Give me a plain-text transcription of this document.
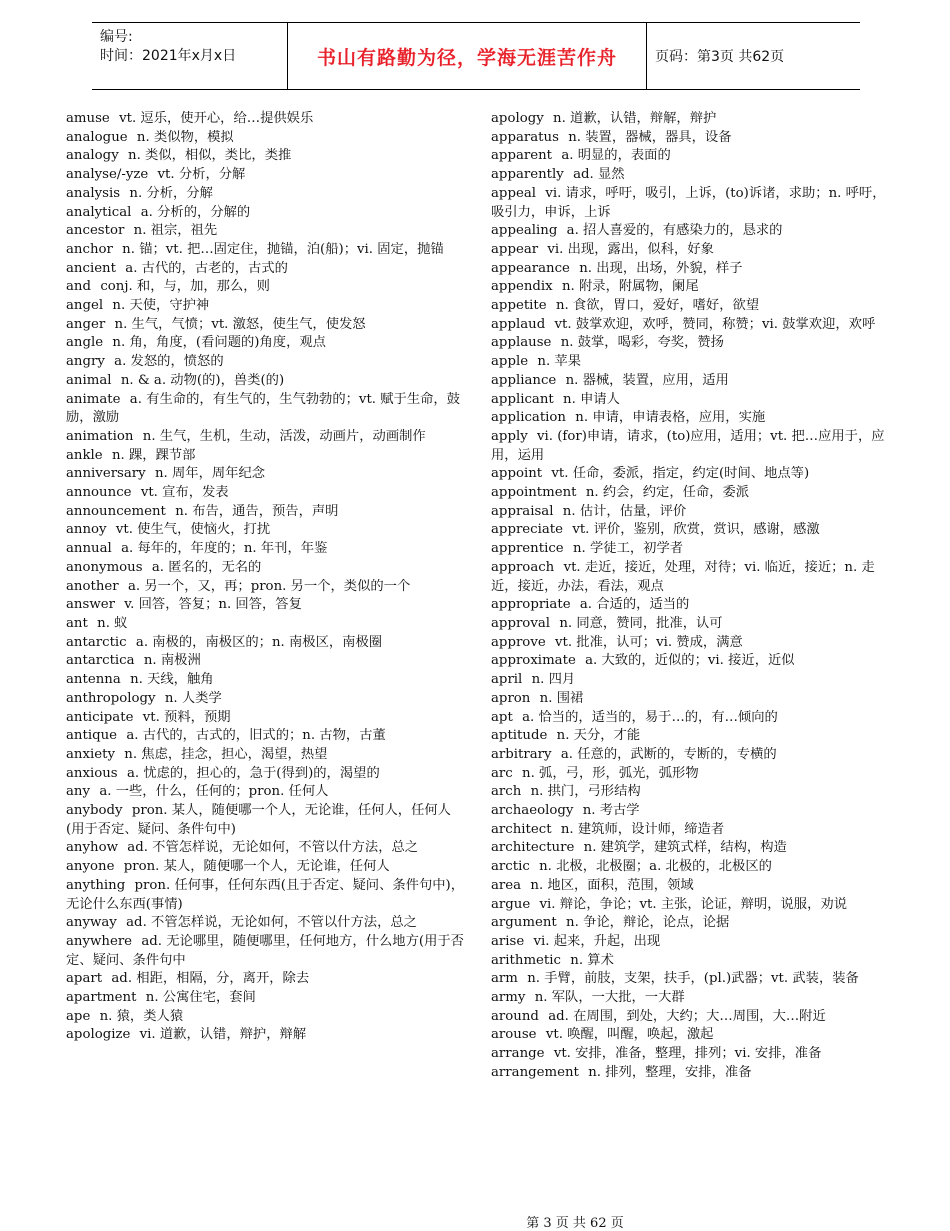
编号:
时间：2021年x月x日	书山有路勤为径，学海无涯苦作舟	页码：第3页 共62页

amuse vt. 逗乐，使开心，给…提供娱乐

analogue n. 类似物，模拟

analogy n. 类似，相似，类比，类推

analyse/-yze vt. 分析，分解

analysis n. 分析，分解

analytical a. 分析的，分解的

ancestor n. 祖宗，祖先

anchor n. 锚；vt. 把…固定住，抛锚，泊(船)；vi. 固定，抛锚

ancient a. 古代的，古老的，古式的

and conj. 和，与，加，那么，则

angel n. 天使，守护神

anger n. 生气，气愤；vt. 激怒，使生气，使发怒

angle n. 角，角度，(看问题的)角度，观点

angry a. 发怒的，愤怒的

animal n. & a. 动物(的)，兽类(的)

animate a. 有生命的，有生气的，生气勃勃的；vt. 赋于生命，鼓励，激励

animation n. 生气，生机，生动，活泼，动画片，动画制作

ankle n. 踝，踝节部

anniversary n. 周年，周年纪念

announce vt. 宣布，发表

announcement n. 布告，通告，预告，声明

annoy vt. 使生气，使恼火，打扰

annual a. 每年的，年度的；n. 年刊，年鉴

anonymous a. 匿名的，无名的

another a. 另一个，又，再；pron. 另一个，类似的一个

answer v. 回答，答复；n. 回答，答复

ant n. 蚁

antarctic a. 南极的，南极区的；n. 南极区，南极圈

antarctica n. 南极洲

antenna n. 天线，触角

anthropology n. 人类学

anticipate vt. 预料，预期

antique a. 古代的，古式的，旧式的；n. 古物，古董

anxiety n. 焦虑，挂念，担心，渴望，热望

anxious a. 忧虑的，担心的，急于(得到)的，渴望的

any a. 一些，什么，任何的；pron. 任何人

anybody pron. 某人，随便哪一个人，无论谁，任何人，任何人(用于否定、疑问、条件句中)

anyhow ad. 不管怎样说，无论如何，不管以什方法，总之

anyone pron. 某人，随便哪一个人，无论谁，任何人

anything pron. 任何事，任何东西(且于否定、疑问、条件句中)，无论什么东西(事情)

anyway ad. 不管怎样说，无论如何，不管以什方法，总之

anywhere ad. 无论哪里，随便哪里，任何地方，什么地方(用于否定、疑问、条件句中

apart ad. 相距，相隔，分，离开，除去

apartment n. 公寓住宅，套间

ape n. 猿，类人猿

apologize vi. 道歉，认错，辩护，辩解

apology n. 道歉，认错，辩解，辩护

apparatus n. 装置，器械，器具，设备

apparent a. 明显的，表面的

apparently ad. 显然

appeal vi. 请求，呼吁，吸引，上诉，(to)诉诸，求助；n. 呼吁，吸引力，申诉，上诉

appealing a. 招人喜爱的，有感染力的，恳求的

appear vi. 出现，露出，似科，好象

appearance n. 出现，出场，外貌，样子

appendix n. 附录，附属物，阑尾

appetite n. 食欲，胃口，爱好，嗜好，欲望

applaud vt. 鼓掌欢迎，欢呼，赞同，称赞；vi. 鼓掌欢迎，欢呼

applause n. 鼓掌，喝彩，夸奖，赞扬

apple n. 苹果

appliance n. 器械，装置，应用，适用

applicant n. 申请人

application n. 申请，申请表格，应用，实施

apply vi. (for)申请，请求，(to)应用，适用；vt. 把…应用于，应用，运用

appoint vt. 任命，委派，指定，约定(时间、地点等)

appointment n. 约会，约定，任命，委派

appraisal n. 估计，估量，评价

appreciate vt. 评价，鉴别，欣赏，赏识，感谢，感激

apprentice n. 学徒工，初学者

approach vt. 走近，接近，处理，对待；vi. 临近，接近；n. 走近，接近，办法，看法，观点

appropriate a. 合适的，适当的

approval n. 同意，赞同，批准，认可

approve vt. 批准，认可；vi. 赞成，满意

approximate a. 大致的，近似的；vi. 接近，近似

april n. 四月

apron n. 围裙

apt a. 恰当的，适当的，易于…的，有…倾向的

aptitude n. 天分，才能

arbitrary a. 任意的，武断的，专断的，专横的

arc n. 弧，弓，形，弧光，弧形物

arch n. 拱门，弓形结构

archaeology n. 考古学

architect n. 建筑师，设计师，缔造者

architecture n. 建筑学，建筑式样，结构，构造

arctic n. 北极，北极圈；a. 北极的，北极区的

area n. 地区，面积，范围，领域

argue vi. 辩论，争论；vt. 主张，论证，辩明，说服，劝说

argument n. 争论，辩论，论点，论据

arise vi. 起来，升起，出现

arithmetic n. 算术

arm n. 手臂，前肢，支架，扶手，(pl.)武器；vt. 武装，装备

army n. 军队，一大批，一大群

around ad. 在周围，到处，大约；大…周围，大…附近

arouse vt. 唤醒，叫醒，唤起，激起

arrange vt. 安排，准备，整理，排列；vi. 安排，准备

arrangement n. 排列，整理，安排，准备

第 3 页 共 62 页
